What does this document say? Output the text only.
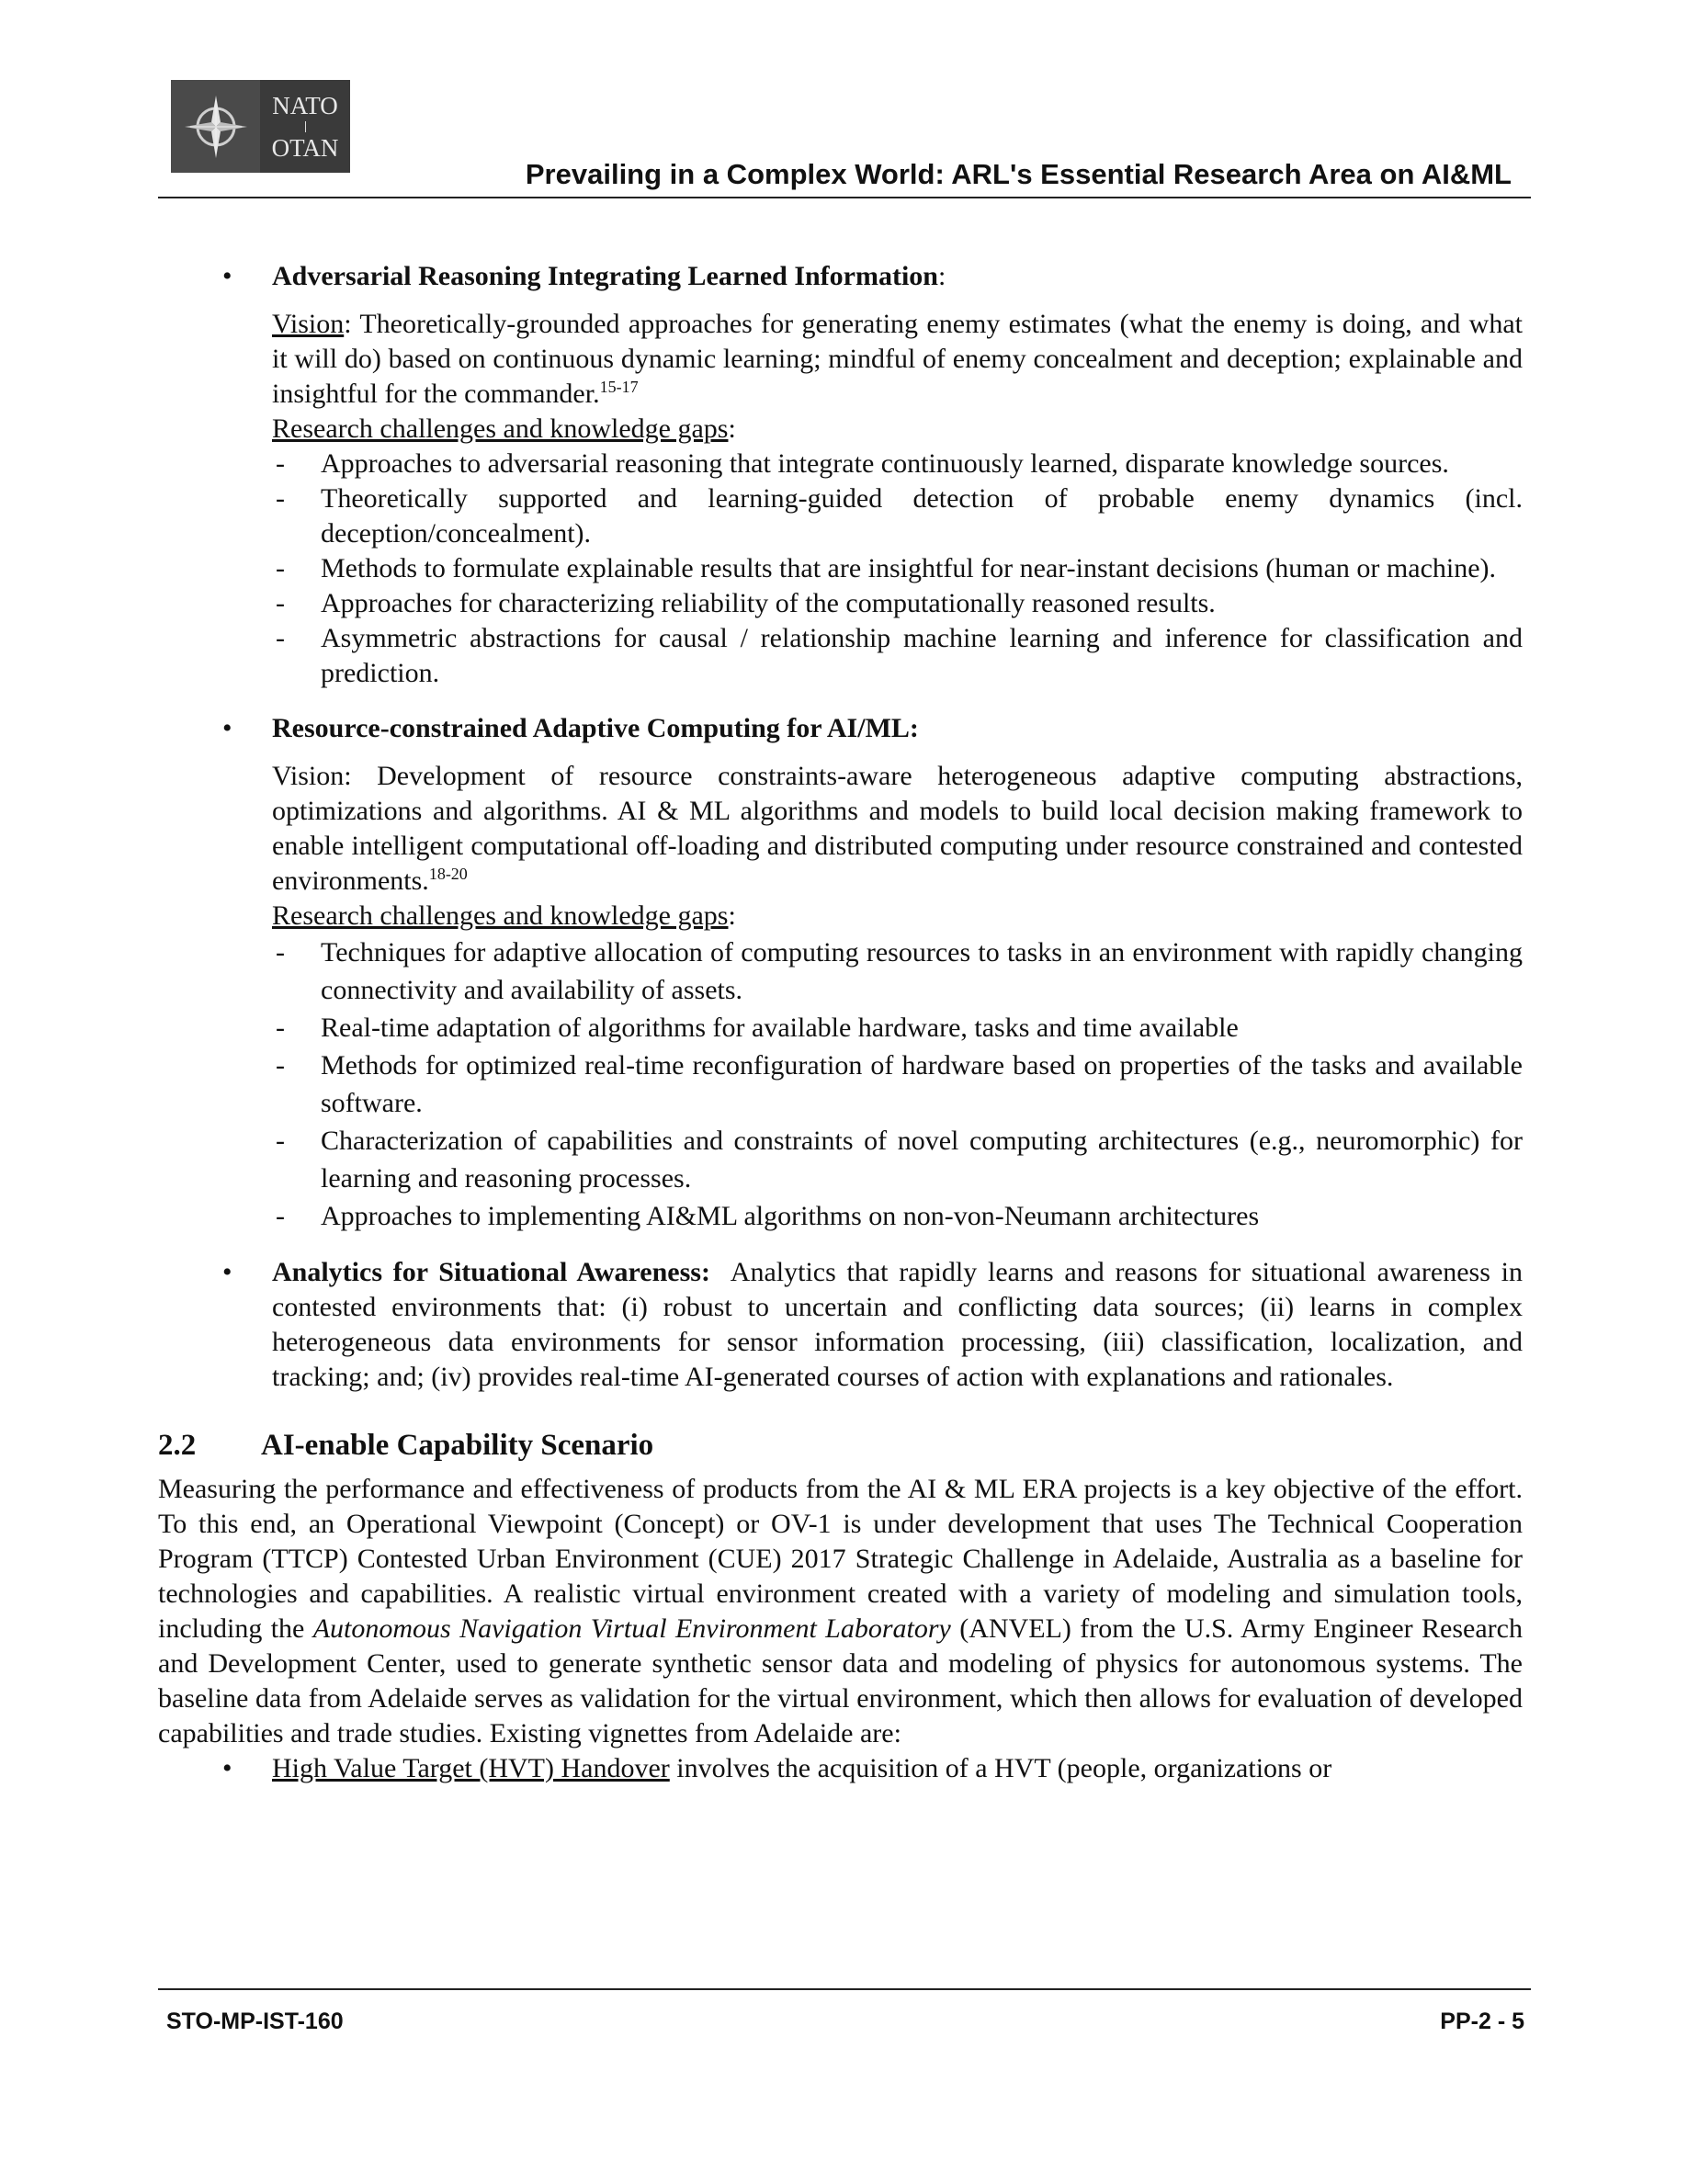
NATO
OTAN
Prevailing in a Complex World: ARL's Essential Research Area on AI&ML
• Adversarial Reasoning Integrating Learned Information:
Vision: Theoretically-grounded approaches for generating enemy estimates (what the enemy is doing, and what it will do) based on continuous dynamic learning; mindful of enemy concealment and deception; explainable and insightful for the commander.$^{15-17}$
Research challenges and knowledge gaps:
- Approaches to adversarial reasoning that integrate continuously learned, disparate knowledge sources.
- Theoretically supported and learning-guided detection of probable enemy dynamics (incl. deception/concealment).
- Methods to formulate explainable results that are insightful for near-instant decisions (human or machine).
- Approaches for characterizing reliability of the computationally reasoned results.
- Asymmetric abstractions for causal / relationship machine learning and inference for classification and prediction.
• Resource-constrained Adaptive Computing for AI/ML:
Vision: Development of resource constraints-aware heterogeneous adaptive computing abstractions, optimizations and algorithms. AI & ML algorithms and models to build local decision making framework to enable intelligent computational off-loading and distributed computing under resource constrained and contested environments.$^{18-20}$
Research challenges and knowledge gaps:
- Techniques for adaptive allocation of computing resources to tasks in an environment with rapidly changing connectivity and availability of assets.
- Real-time adaptation of algorithms for available hardware, tasks and time available
- Methods for optimized real-time reconfiguration of hardware based on properties of the tasks and available software.
- Characterization of capabilities and constraints of novel computing architectures (e.g., neuromorphic) for learning and reasoning processes.
- Approaches to implementing AI&ML algorithms on non-von-Neumann architectures
• Analytics for Situational Awareness: Analytics that rapidly learns and reasons for situational awareness in contested environments that: (i) robust to uncertain and conflicting data sources; (ii) learns in complex heterogeneous data environments for sensor information processing, (iii) classification, localization, and tracking; and; (iv) provides real-time AI-generated courses of action with explanations and rationales.
2.2	AI-enable Capability Scenario

Measuring the performance and effectiveness of products from the AI & ML ERA projects is a key objective of the effort. To this end, an Operational Viewpoint (Concept) or OV-1 is under development that uses The Technical Cooperation Program (TTCP) Contested Urban Environment (CUE) 2017 Strategic Challenge in Adelaide, Australia as a baseline for technologies and capabilities. A realistic virtual environment created with a variety of modeling and simulation tools, including the Autonomous Navigation Virtual Environment Laboratory (ANVEL) from the U.S. Army Engineer Research and Development Center, used to generate synthetic sensor data and modeling of physics for autonomous systems. The baseline data from Adelaide serves as validation for the virtual environment, which then allows for evaluation of developed capabilities and trade studies. Existing vignettes from Adelaide are:

• High Value Target (HVT) Handover involves the acquisition of a HVT (people, organizations or
STO-MP-IST-160	PP-2 - 5
